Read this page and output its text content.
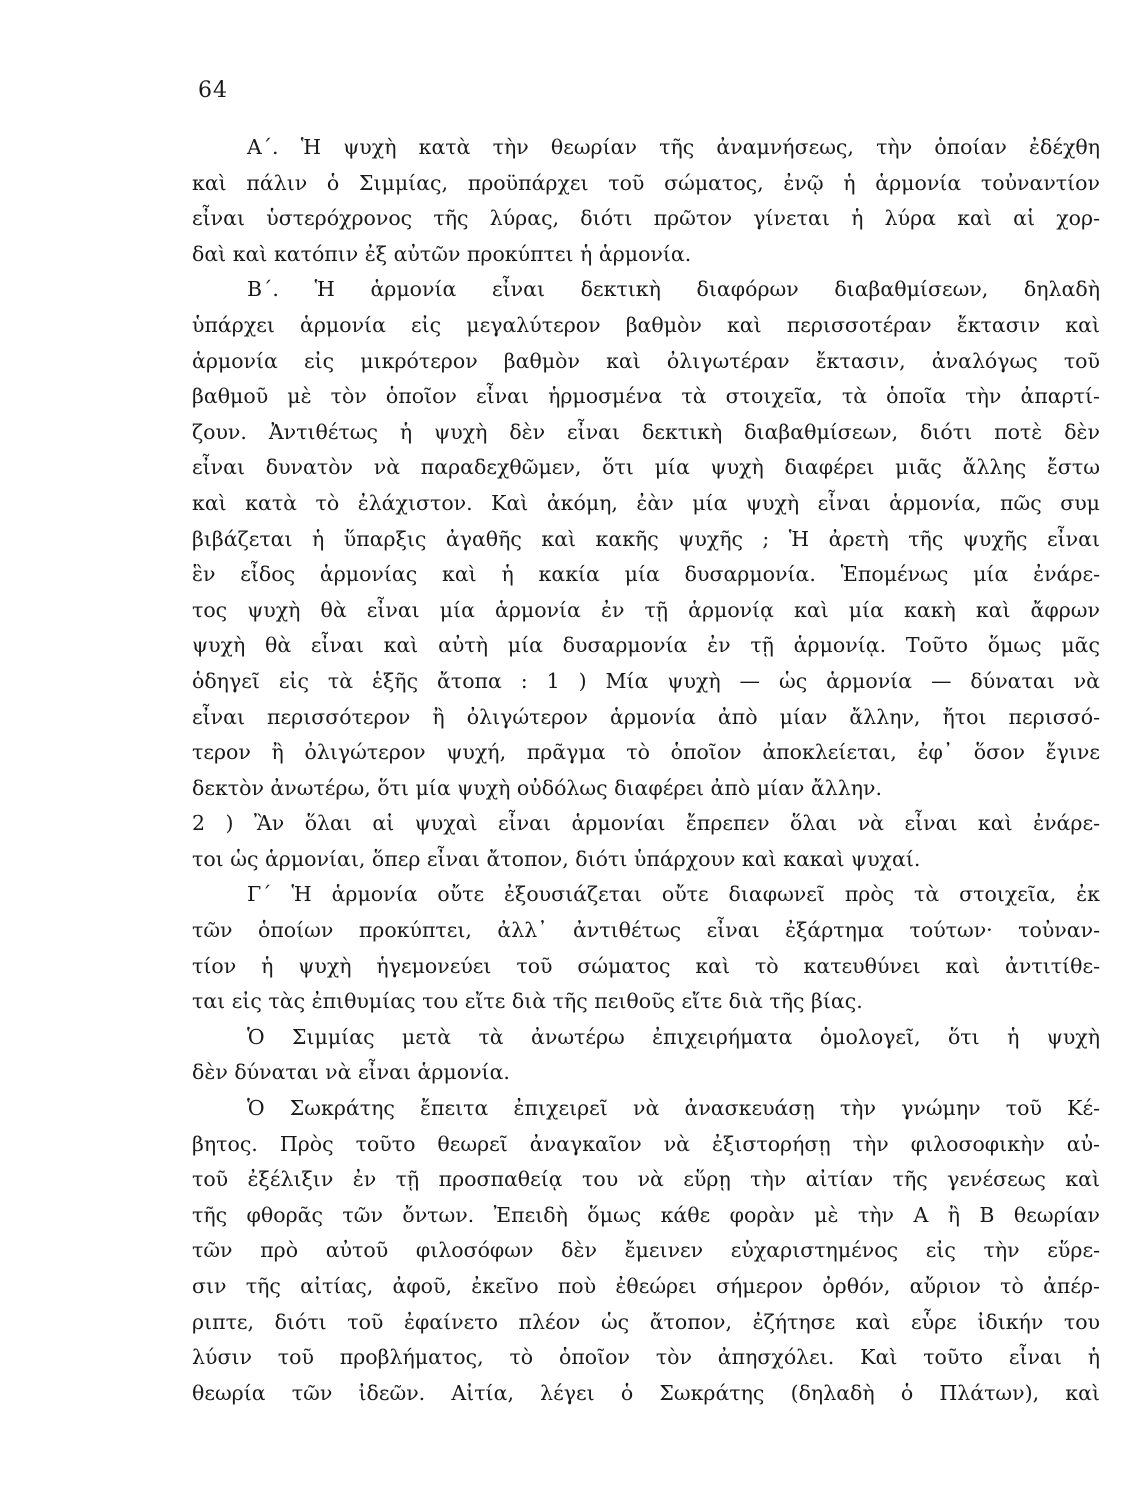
64
Α΄. Ἡ ψυχὴ κατὰ τὴν θεωρίαν τῆς ἀναμνήσεως, τὴν ὁποίαν ἐδέχθη
καὶ πάλιν ὁ Σιμμίας, προϋπάρχει τοῦ σώματος, ἐνῷ ἡ ἁρμονία τοὐναντίον
εἶναι ὑστερόχρονος τῆς λύρας, διότι πρῶτον γίνεται ἡ λύρα καὶ αἱ χορ-
δαὶ καὶ κατόπιν ἐξ αὐτῶν προκύπτει ἡ ἁρμονία.
Β΄. Ἡ ἁρμονία εἶναι δεκτικὴ διαφόρων διαβαθμίσεων, δηλαδὴ
ὑπάρχει ἁρμονία εἰς μεγαλύτερον βαθμὸν καὶ περισσοτέραν ἔκτασιν καὶ
ἁρμονία εἰς μικρότερον βαθμὸν καὶ ὀλιγωτέραν ἔκτασιν, ἀναλόγως τοῦ
βαθμοῦ μὲ τὸν ὁποῖον εἶναι ἡρμοσμένα τὰ στοιχεῖα, τὰ ὁποῖα τὴν ἀπαρτί-
ζουν. Ἀντιθέτως ἡ ψυχὴ δὲν εἶναι δεκτικὴ διαβαθμίσεων, διότι ποτὲ δὲν
εἶναι δυνατὸν νὰ παραδεχθῶμεν, ὅτι μία ψυχὴ διαφέρει μιᾶς ἄλλης ἔστω
καὶ κατὰ τὸ ἐλάχιστον. Καὶ ἀκόμη, ἐὰν μία ψυχὴ εἶναι ἁρμονία, πῶς συμ
βιβάζεται ἡ ὕπαρξις ἀγαθῆς καὶ κακῆς ψυχῆς ; Ἡ ἀρετὴ τῆς ψυχῆς εἶναι
ἓν εἶδος ἁρμονίας καὶ ἡ κακία μία δυσαρμονία. Ἑπομένως μία ἐνάρε-
τος ψυχὴ θὰ εἶναι μία ἁρμονία ἐν τῇ ἁρμονίᾳ καὶ μία κακὴ καὶ ἄφρων
ψυχὴ θὰ εἶναι καὶ αὐτὴ μία δυσαρμονία ἐν τῇ ἁρμονίᾳ. Τοῦτο ὅμως μᾶς
ὁδηγεῖ εἰς τὰ ἑξῆς ἄτοπα : 1 ) Μία ψυχὴ — ὡς ἁρμονία — δύναται νὰ
εἶναι περισσότερον ἢ ὀλιγώτερον ἁρμονία ἀπὸ μίαν ἄλλην, ἤτοι περισσό-
τερον ἢ ὀλιγώτερον ψυχή, πρᾶγμα τὸ ὁποῖον ἀποκλείεται, ἐφ᾽ ὅσον ἔγινε
δεκτὸν ἀνωτέρω, ὅτι μία ψυχὴ οὐδόλως διαφέρει ἀπὸ μίαν ἄλλην.
2 ) Ἂν ὅλαι αἱ ψυχαὶ εἶναι ἁρμονίαι ἔπρεπεν ὅλαι νὰ εἶναι καὶ ἐνάρε-
τοι ὡς ἁρμονίαι, ὅπερ εἶναι ἄτοπον, διότι ὑπάρχουν καὶ κακαὶ ψυχαί.
Γ΄ Ἡ ἁρμονία οὔτε ἐξουσιάζεται οὔτε διαφωνεῖ πρὸς τὰ στοιχεῖα, ἐκ
τῶν ὁποίων προκύπτει, ἀλλ᾽ ἀντιθέτως εἶναι ἐξάρτημα τούτων· τοὐναν-
τίον ἡ ψυχὴ ἡγεμονεύει τοῦ σώματος καὶ τὸ κατευθύνει καὶ ἀντιτίθε-
ται εἰς τὰς ἐπιθυμίας του εἴτε διὰ τῆς πειθοῦς εἴτε διὰ τῆς βίας.
Ὁ Σιμμίας μετὰ τὰ ἀνωτέρω ἐπιχειρήματα ὁμολογεῖ, ὅτι ἡ ψυχὴ
δὲν δύναται νὰ εἶναι ἁρμονία.
Ὁ Σωκράτης ἔπειτα ἐπιχειρεῖ νὰ ἀνασκευάσῃ τὴν γνώμην τοῦ Κέ-
βητος. Πρὸς τοῦτο θεωρεῖ ἀναγκαῖον νὰ ἐξιστορήσῃ τὴν φιλοσοφικὴν αὐ-
τοῦ ἐξέλιξιν ἐν τῇ προσπαθείᾳ του νὰ εὕρῃ τὴν αἰτίαν τῆς γενέσεως καὶ
τῆς φθορᾶς τῶν ὄντων. Ἐπειδὴ ὅμως κάθε φορὰν μὲ τὴν Α ἢ Β θεωρίαν
τῶν πρὸ αὐτοῦ φιλοσόφων δὲν ἔμεινεν εὐχαριστημένος εἰς τὴν εὕρε-
σιν τῆς αἰτίας, ἀφοῦ, ἐκεῖνο ποὺ ἐθεώρει σήμερον ὀρθόν, αὔριον τὸ ἀπέρ-
ριπτε, διότι τοῦ ἐφαίνετο πλέον ὡς ἄτοπον, ἐζήτησε καὶ εὗρε ἰδικήν του
λύσιν τοῦ προβλήματος, τὸ ὁποῖον τὸν ἀπησχόλει. Καὶ τοῦτο εἶναι ἡ
θεωρία τῶν ἰδεῶν. Αἰτία, λέγει ὁ Σωκράτης (δηλαδὴ ὁ Πλάτων), καὶ
